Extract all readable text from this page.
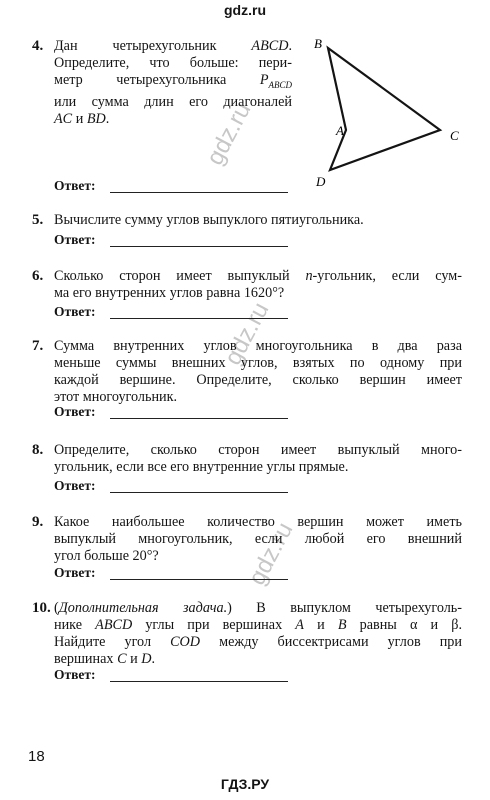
gdz.ru
gdz.ru
gdz.ru
gdz.ru
4. Дан четырехугольник ABCD.
Определите, что больше: пери-
метр четырехугольника $P_{ABCD}$
или сумма длин его диагоналей
AC и BD.
Ответ:
B
A	C
D
5. Вычислите сумму углов выпуклого пятиугольника.
Ответ:
6. Сколько сторон имеет выпуклый n-угольник, если сум-
ма его внутренних углов равна 1620°?
Ответ:
7. Сумма внутренних углов многоугольника в два раза
меньше суммы внешних углов, взятых по одному при
каждой вершине. Определите, сколько вершин имеет
этот многоугольник.
Ответ:
8. Определите, сколько сторон имеет выпуклый много-
угольник, если все его внутренние углы прямые.
Ответ:
9. Какое наибольшее количество вершин может иметь
выпуклый многоугольник, если любой его внешний
угол больше 20°?
Ответ:
10. (Дополнительная задача.) В выпуклом четырехуголь-
нике ABCD углы при вершинах A и B равны α и β.
Найдите угол COD между биссектрисами углов при
вершинах C и D.
Ответ:
18
ГДЗ.РУ
